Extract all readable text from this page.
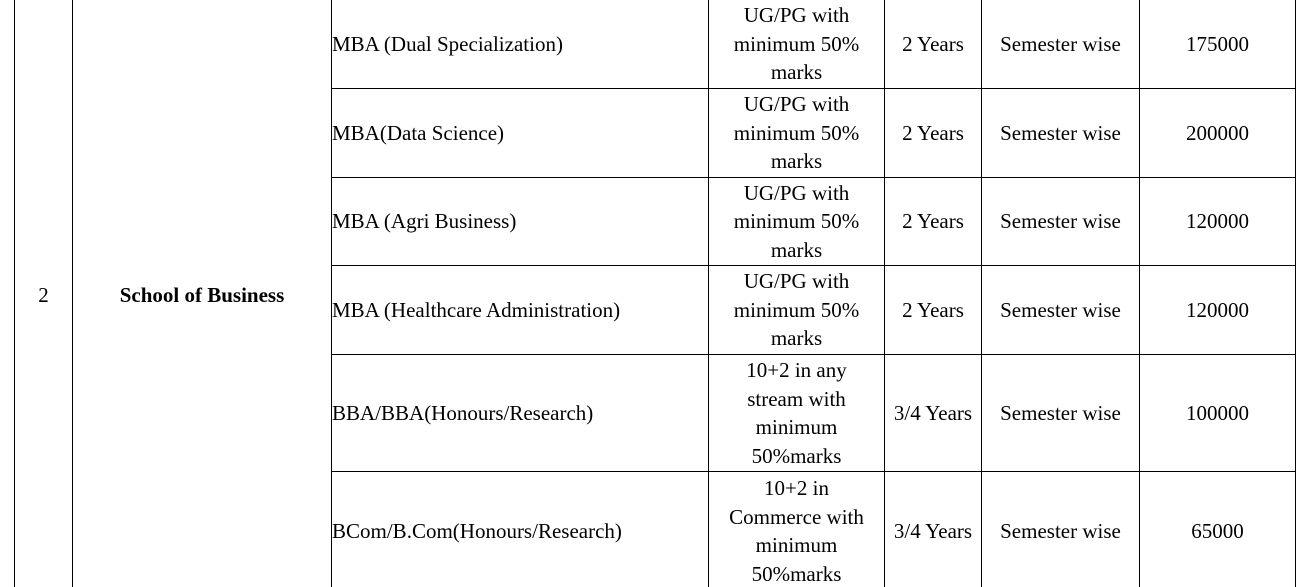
2	School of Business	MBA (Dual Specialization)	UG/PG with
minimum 50%
marks	2 Years	Semester wise	175000
		MBA(Data Science)	UG/PG with
minimum 50%
marks	2 Years	Semester wise	200000
		MBA (Agri Business)	UG/PG with
minimum 50%
marks	2 Years	Semester wise	120000
		MBA (Healthcare Administration)	UG/PG with
minimum 50%
marks	2 Years	Semester wise	120000
		BBA/BBA(Honours/Research)	10+2 in any
stream with
minimum
50%marks	3/4 Years	Semester wise	100000
		BCom/B.Com(Honours/Research)	10+2 in
Commerce with
minimum
50%marks	3/4 Years	Semester wise	65000
